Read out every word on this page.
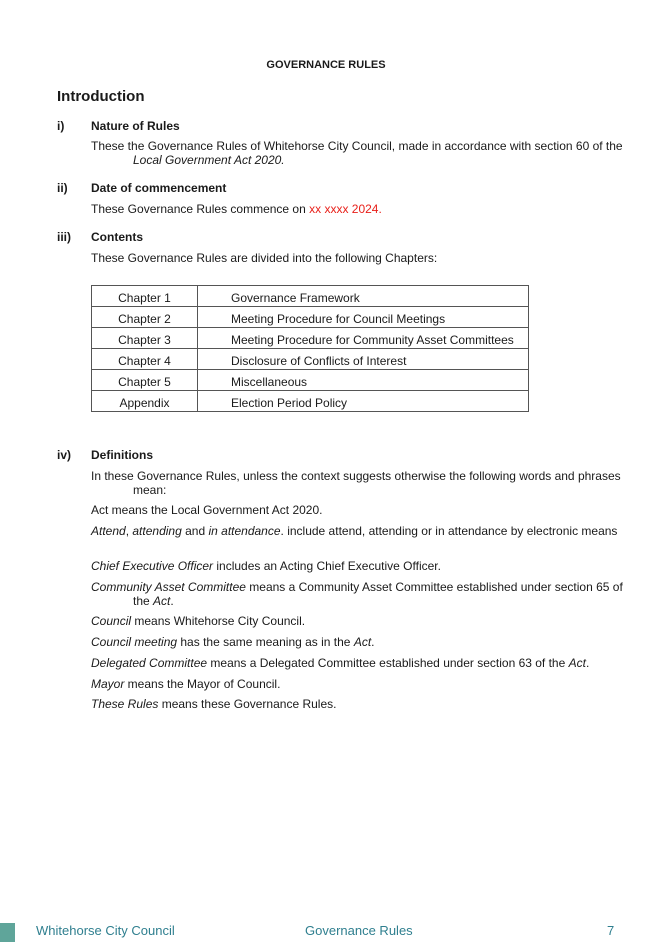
GOVERNANCE RULES
Introduction
i) Nature of Rules
These the Governance Rules of Whitehorse City Council, made in accordance with section 60 of the Local Government Act 2020.
ii) Date of commencement
These Governance Rules commence on xx xxxx 2024.
iii) Contents
These Governance Rules are divided into the following Chapters:
Chapter 1	Governance Framework
Chapter 2	Meeting Procedure for Council Meetings
Chapter 3	Meeting Procedure for Community Asset Committees
Chapter 4	Disclosure of Conflicts of Interest
Chapter 5	Miscellaneous
Appendix	Election Period Policy
iv) Definitions
In these Governance Rules, unless the context suggests otherwise the following words and phrases mean:
Act means the Local Government Act 2020.
Attend, attending and in attendance. include attend, attending or in attendance by electronic means
Chief Executive Officer includes an Acting Chief Executive Officer.
Community Asset Committee means a Community Asset Committee established under section 65 of the Act.
Council means Whitehorse City Council.
Council meeting has the same meaning as in the Act.
Delegated Committee means a Delegated Committee established under section 63 of the Act.
Mayor means the Mayor of Council.
These Rules means these Governance Rules.
Whitehorse City Council	Governance Rules	7
